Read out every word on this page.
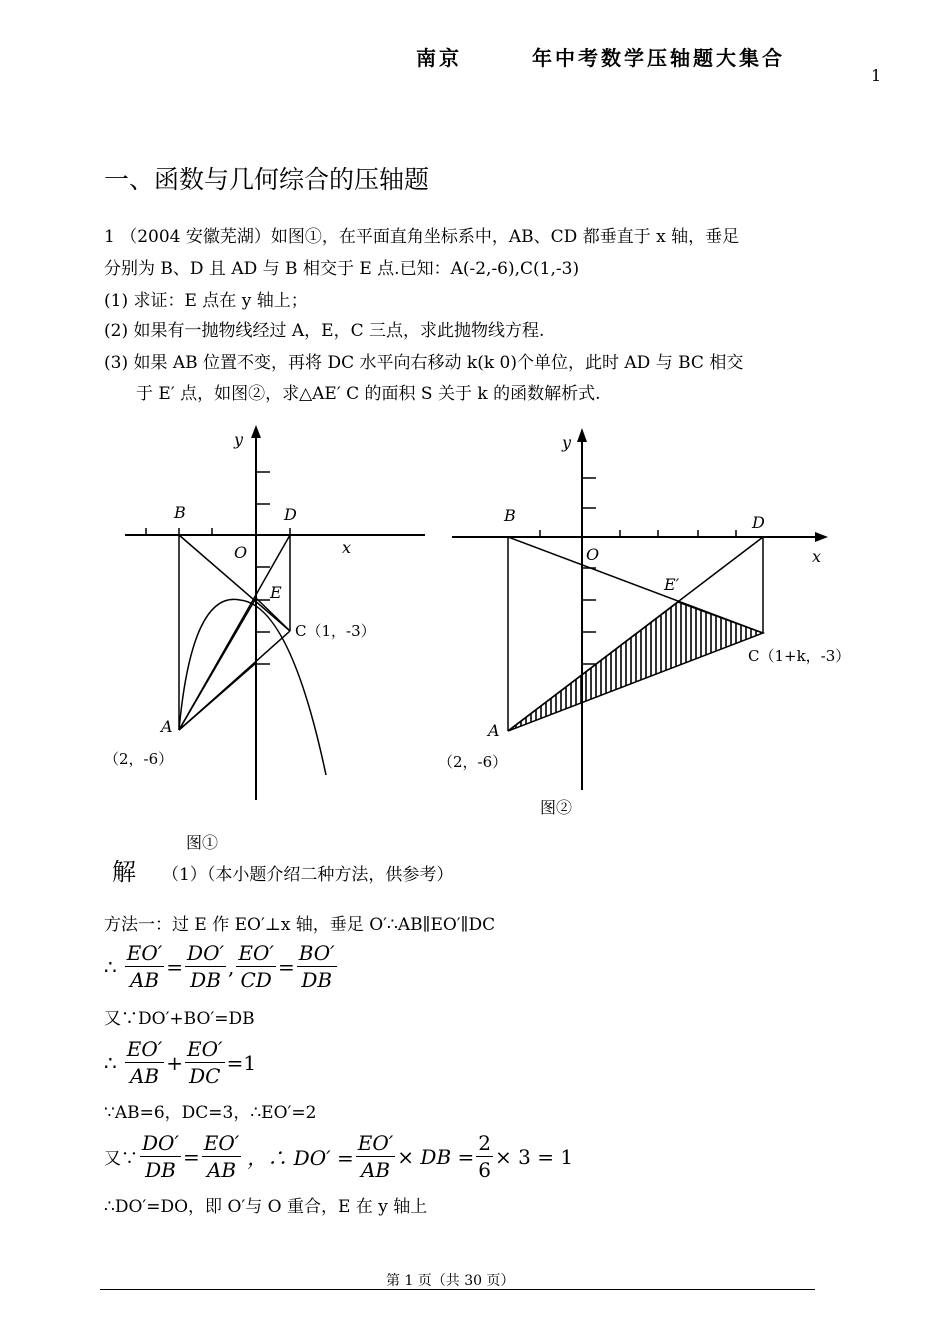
南京	年中考数学压轴题大集合
1
一、函数与几何综合的压轴题
1 （2004 安徽芜湖）如图①，在平面直角坐标系中，AB、CD 都垂直于 x 轴，垂足
分别为 B、D 且 AD 与 B 相交于 E 点.已知：A(-2,-6),C(1,-3)
(1) 求证：E 点在 y 轴上；
(2) 如果有一抛物线经过 A，E，C 三点，求此抛物线方程.
(3) 如果 AB 位置不变，再将 DC 水平向右移动 k(k 0)个单位，此时 AD 与 BC 相交
于 E′ 点，如图②，求△AE′ C 的面积 S 关于 k 的函数解析式.
x
y
O
B	D
E
C（1，-3）
A
（2，-6）
图①
x
y
O
B	D
E′
C（1+k，-3）
A
（2，-6）
图②
解 （1）（本小题介绍二种方法，供参考）
方法一：过 E 作 EO′⊥x 轴，垂足 O′∴AB∥EO′∥DC
∴ $\frac{EO'}{AB} = \frac{DO'}{DB}$ , $\frac{EO'}{CD} = \frac{BO'}{DB}$
又∵DO′+BO′=DB
∴ $\frac{EO'}{AB} + \frac{EO'}{DC} = 1$
∵AB=6，DC=3，∴EO′=2
又∵ $\frac{DO'}{DB} = \frac{EO'}{AB}$ ，∴ $DO' = \frac{EO'}{AB}$ × DB = $\frac{2}{6} \times 3 = 1$
∴DO′=DO，即 O′与 O 重合，E 在 y 轴上
第 1 页（共 30 页）
